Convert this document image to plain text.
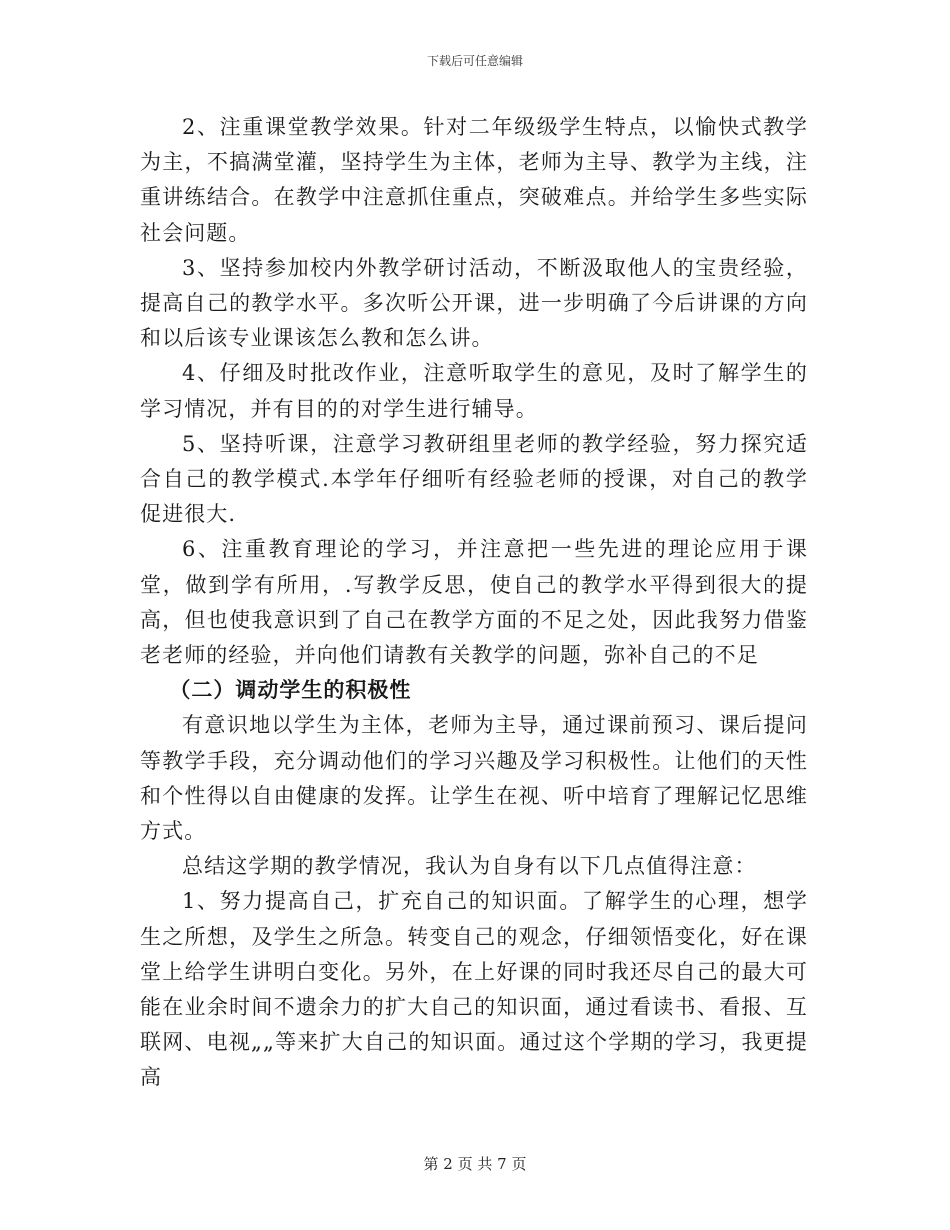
下载后可任意编辑

2、注重课堂教学效果。针对二年级级学生特点，以愉快式教学为主，不搞满堂灌，坚持学生为主体，老师为主导、教学为主线，注重讲练结合。在教学中注意抓住重点，突破难点。并给学生多些实际社会问题。

3、坚持参加校内外教学研讨活动，不断汲取他人的宝贵经验，提高自己的教学水平。多次听公开课，进一步明确了今后讲课的方向和以后该专业课该怎么教和怎么讲。

4、仔细及时批改作业，注意听取学生的意见，及时了解学生的学习情况，并有目的的对学生进行辅导。

5、坚持听课，注意学习教研组里老师的教学经验，努力探究适合自己的教学模式.本学年仔细听有经验老师的授课，对自己的教学促进很大.

6、注重教育理论的学习，并注意把一些先进的理论应用于课堂，做到学有所用，.写教学反思，使自己的教学水平得到很大的提高，但也使我意识到了自己在教学方面的不足之处，因此我努力借鉴老老师的经验，并向他们请教有关教学的问题，弥补自己的不足

（二）调动学生的积极性

有意识地以学生为主体，老师为主导，通过课前预习、课后提问等教学手段，充分调动他们的学习兴趣及学习积极性。让他们的天性和个性得以自由健康的发挥。让学生在视、听中培育了理解记忆思维方式。

总结这学期的教学情况，我认为自身有以下几点值得注意：

1、努力提高自己，扩充自己的知识面。了解学生的心理，想学生之所想，及学生之所急。转变自己的观念，仔细领悟变化，好在课堂上给学生讲明白变化。另外，在上好课的同时我还尽自己的最大可能在业余时间不遗余力的扩大自己的知识面，通过看读书、看报、互联网、电视„„等来扩大自己的知识面。通过这个学期的学习，我更提高

第 2 页 共 7 页
